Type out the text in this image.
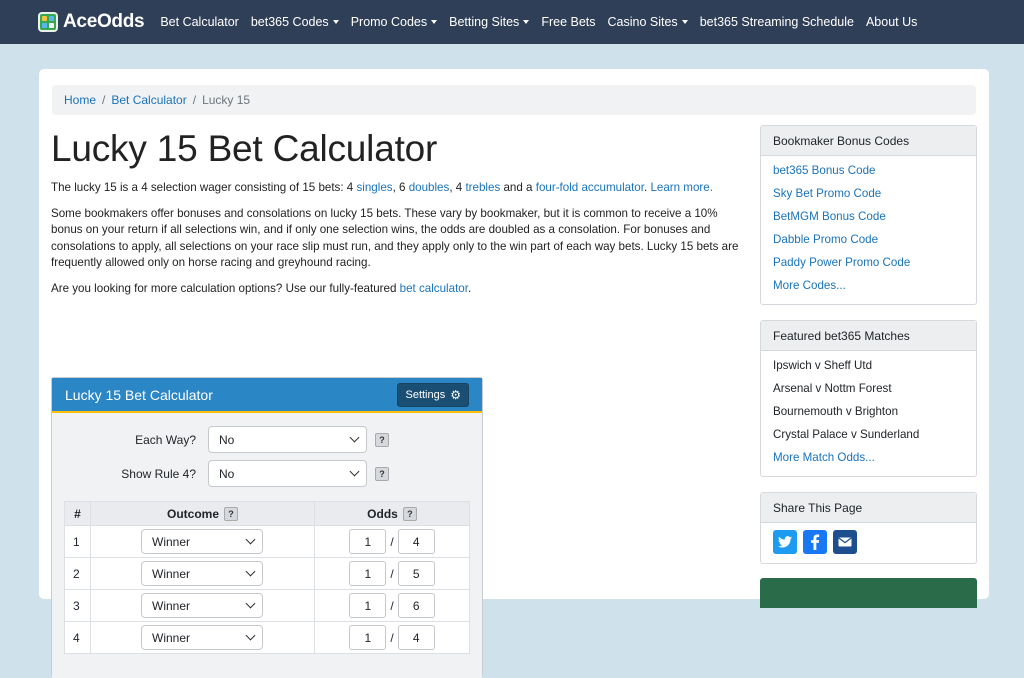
AceOdds Bet Calculator bet365 Codes Promo Codes Betting Sites Free Bets Casino Sites bet365 Streaming Schedule About Us
Home / Bet Calculator / Lucky 15
Lucky 15 Bet Calculator

The lucky 15 is a 4 selection wager consisting of 15 bets: 4 singles, 6 doubles, 4 trebles and a four-fold accumulator. Learn more.

Some bookmakers offer bonuses and consolations on lucky 15 bets. These vary by bookmaker, but it is common to receive a 10% bonus on your return if all selections win, and if only one selection wins, the odds are doubled as a consolation. For bonuses and consolations to apply, all selections on your race slip must run, and they apply only to the win part of each way bets. Lucky 15 bets are frequently allowed only on horse racing and greyhound racing.

Are you looking for more calculation options? Use our fully-featured bet calculator.

Lucky 15 Bet Calculator	Settings ⚙
Each Way?	No	?
Show Rule 4?	No	?
#	Outcome ?	Odds ?

1	Winner	1 / 4

2	Winner	1 / 5

3	Winner	1 / 6

4	Winner	1 / 4
Bookmaker Bonus Codes
bet365 Bonus Code
Sky Bet Promo Code
BetMGM Bonus Code
Dabble Promo Code
Paddy Power Promo Code
More Codes...
Featured bet365 Matches
Ipswich v Sheff Utd
Arsenal v Nottm Forest
Bournemouth v Brighton
Crystal Palace v Sunderland
More Match Odds...
Share This Page
